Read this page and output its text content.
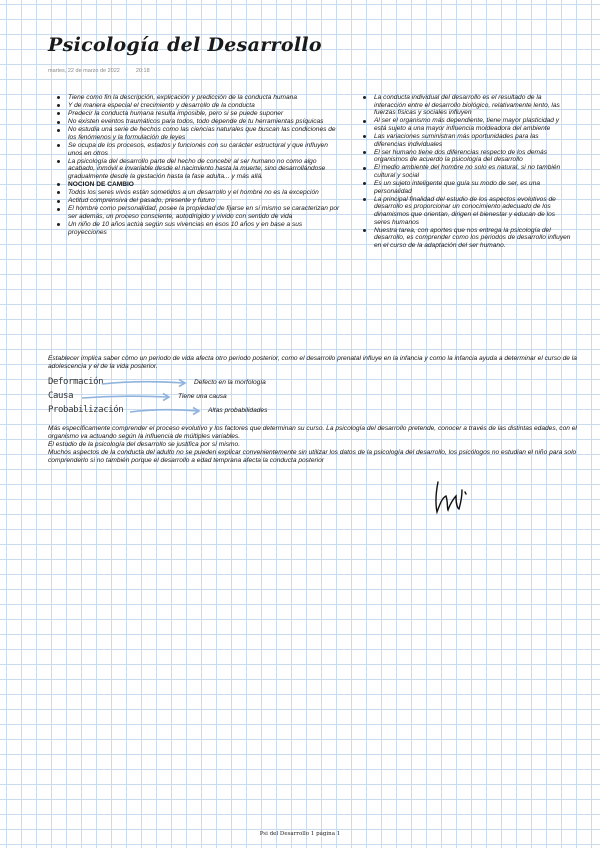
Psicología del Desarrollo
martes, 22 de marzo de 2022	20:18
Tiene como fin la descripción, explicación y predicción de la conducta humana
Y de manera especial el crecimiento y desarrollo de la conducta
Predecir la conducta humana resulta imposible, pero si se puede suponer
No existen eventos traumáticos para todos, todo depende de tu herramientas psíquicas
No estudia una serie de hechos como las ciencias naturales que buscan las condiciones de los fenómenos y la formulación de leyes
Se ocupa de los procesos, estados y funciones con su carácter estructural y que influyen unos en otros
La psicología del desarrollo parte del hecho de concebir al ser humano no como algo acabado, inmóvil e invariable desde el nacimiento hasta la muerte, sino desarrollándose gradualmente desde la gestación hasta la fase adulta... y más allá.
NOCION DE CAMBIO
Todos los seres vivos están sometidos a un desarrollo y el hombre no es la excepción
Actitud comprensiva del pasado, presente y futuro
El hombre como personalidad, posee la propiedad de fijarse en sí mismo se caracterizan por ser además, un proceso consciente, autodirigido y vivido con sentido de vida
Un niño de 10 años actúa según sus vivencias en esos 10 años y en base a sus proyecciones
La conducta individual del desarrollo es el resultado de la interacción entre el desarrollo biológico, relativamente lento, las fuerzas físicas y sociales influyen
Al ser el organismo más dependiente, tiene mayor plasticidad y está sujeto a una mayor influencia moldeadora del ambiente
Las variaciones suministran más oportunidades para las diferencias individuales
El ser humano tiene dos diferencias respecto de los demás organismos de acuerdo la psicología del desarrollo
El medio ambiente del hombre no solo es natural, si no también cultural y social
Es un sujeto inteligente que guía su modo de ser, es una personalidad
La principal finalidad del estudio de los aspectos evolutivos de desarrollo es proporcionar un conocimiento adecuado de los dinamismos que orientan, dirigen el bienestar y educan de los seres humanos
Nuestra tarea, con aportes que nos entrega la psicología del desarrollo, es comprender como los periodos de desarrollo influyen en el curso de la adaptación del ser humano.

Establecer implica saber cómo un periodo de vida afecta otro periodo posterior, como el desarrollo prenatal influye en la infancia y como la infancia ayuda a determinar el curso de la adolescencia y el de la vida posterior.

Deformación	Defecto en la morfología
Causa	Tiene una causa
Probabilización	Altas probabilidades

Más específicamente comprender el proceso evolutivo y los factores que determinan su curso. La psicología del desarrollo pretende, conocer a través de las distintas edades, con el organismo va actuando según la influencia de múltiples variables.

El estudio de la psicología del desarrollo se justifica por sí mismo.

Muchos aspectos de la conducta del adulto no se pueden explicar convenientemente sin utilizar los datos de la psicología del desarrollo, los psicólogos no estudian el niño para solo comprenderlo si no también porque el desarrollo a edad temprana afecta la conducta posterior

Psi del Desarrollo 1 página 1
